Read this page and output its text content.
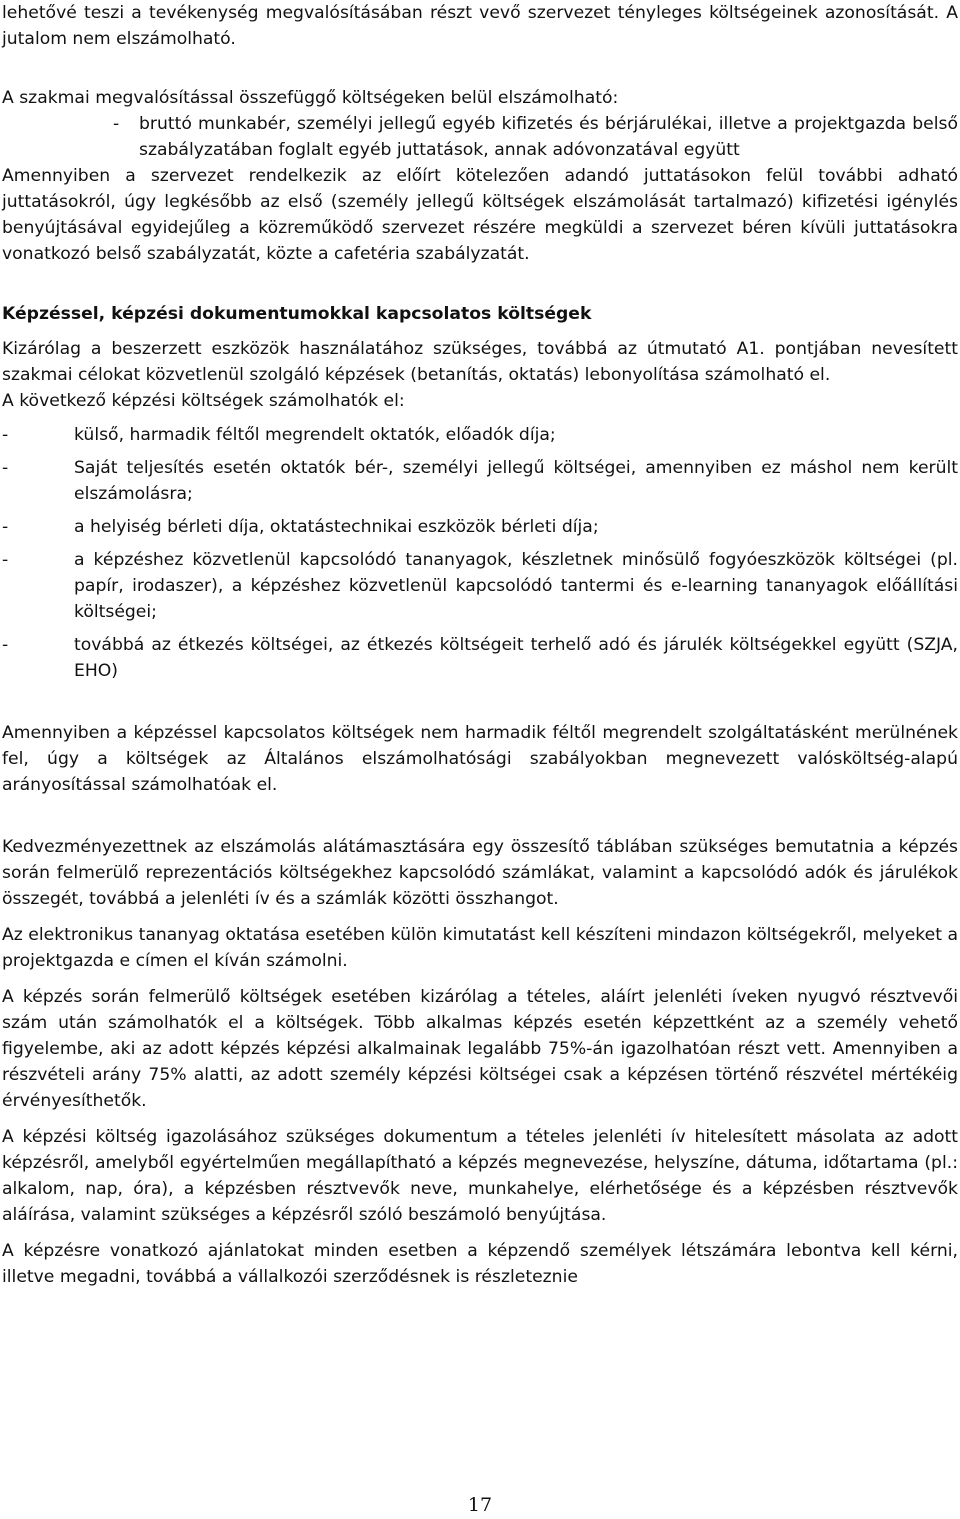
lehetővé teszi a tevékenység megvalósításában részt vevő szervezet tényleges költségeinek azonosítását. A jutalom nem elszámolható.

A szakmai megvalósítással összefüggő költségeken belül elszámolható:

-	bruttó munkabér, személyi jellegű egyéb kifizetés és bérjárulékai, illetve a projektgazda belső szabályzatában foglalt egyéb juttatások, annak adóvonzatával együtt

Amennyiben a szervezet rendelkezik az előírt kötelezően adandó juttatásokon felül további adható juttatásokról, úgy legkésőbb az első (személy jellegű költségek elszámolását tartalmazó) kifizetési igénylés benyújtásával egyidejűleg a közreműködő szervezet részére megküldi a szervezet béren kívüli juttatásokra vonatkozó belső szabályzatát, közte a cafetéria szabályzatát.

Képzéssel, képzési dokumentumokkal kapcsolatos költségek

Kizárólag a beszerzett eszközök használatához szükséges, továbbá az útmutató A1. pontjában nevesített szakmai célokat közvetlenül szolgáló képzések (betanítás, oktatás) lebonyolítása számolható el.

A következő képzési költségek számolhatók el:

-	külső, harmadik féltől megrendelt oktatók, előadók díja;
-	Saját teljesítés esetén oktatók bér-, személyi jellegű költségei, amennyiben ez máshol nem került elszámolásra;
-	a helyiség bérleti díja, oktatástechnikai eszközök bérleti díja;
-	a képzéshez közvetlenül kapcsolódó tananyagok, készletnek minősülő fogyóeszközök költségei (pl. papír, irodaszer), a képzéshez közvetlenül kapcsolódó tantermi és e-learning tananyagok előállítási költségei;
-	továbbá az étkezés költségei, az étkezés költségeit terhelő adó és járulék költségekkel együtt (SZJA, EHO)

Amennyiben a képzéssel kapcsolatos költségek nem harmadik féltől megrendelt szolgáltatásként merülnének fel, úgy a költségek az Általános elszámolhatósági szabályokban megnevezett valósköltség-alapú arányosítással számolhatóak el.

Kedvezményezettnek az elszámolás alátámasztására egy összesítő táblában szükséges bemutatnia a képzés során felmerülő reprezentációs költségekhez kapcsolódó számlákat, valamint a kapcsolódó adók és járulékok összegét, továbbá a jelenléti ív és a számlák közötti összhangot.

Az elektronikus tananyag oktatása esetében külön kimutatást kell készíteni mindazon költségekről, melyeket a projektgazda e címen el kíván számolni.

A képzés során felmerülő költségek esetében kizárólag a tételes, aláírt jelenléti íveken nyugvó résztvevői szám után számolhatók el a költségek. Több alkalmas képzés esetén képzettként az a személy vehető figyelembe, aki az adott képzés képzési alkalmainak legalább 75%-án igazolhatóan részt vett. Amennyiben a részvételi arány 75% alatti, az adott személy képzési költségei csak a képzésen történő részvétel mértékéig érvényesíthetők.

A képzési költség igazolásához szükséges dokumentum a tételes jelenléti ív hitelesített másolata az adott képzésről, amelyből egyértelműen megállapítható a képzés megnevezése, helyszíne, dátuma, időtartama (pl.: alkalom, nap, óra), a képzésben résztvevők neve, munkahelye, elérhetősége és a képzésben résztvevők aláírása, valamint szükséges a képzésről szóló beszámoló benyújtása.

A képzésre vonatkozó ajánlatokat minden esetben a képzendő személyek létszámára lebontva kell kérni, illetve megadni, továbbá a vállalkozói szerződésnek is részleteznie

17
